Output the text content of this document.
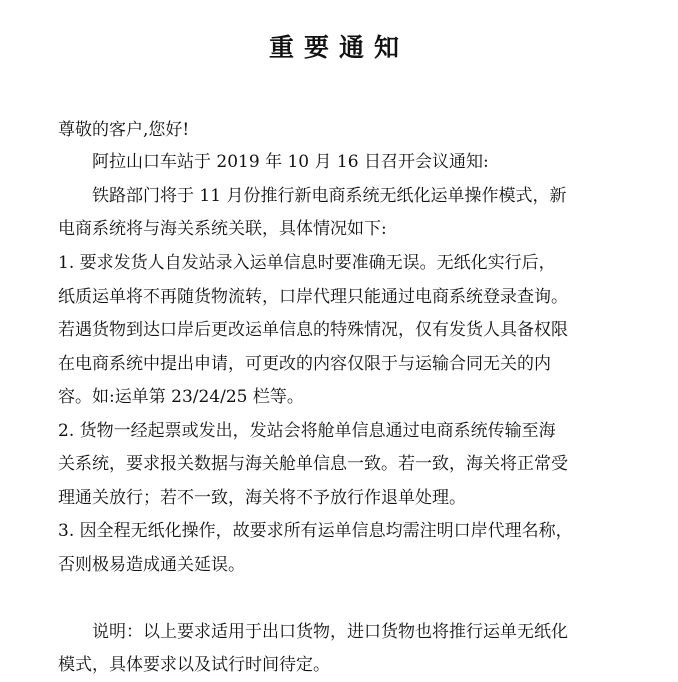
重要通知
尊敬的客户,您好!
阿拉山口车站于 2019 年 10 月 16 日召开会议通知:
铁路部门将于 11 月份推行新电商系统无纸化运单操作模式，新
电商系统将与海关系统关联，具体情况如下:
1. 要求发货人自发站录入运单信息时要准确无误。无纸化实行后，
纸质运单将不再随货物流转，口岸代理只能通过电商系统登录查询。
若遇货物到达口岸后更改运单信息的特殊情况，仅有发货人具备权限
在电商系统中提出申请，可更改的内容仅限于与运输合同无关的内
容。如:运单第 23/24/25 栏等。
2. 货物一经起票或发出，发站会将舱单信息通过电商系统传输至海
关系统，要求报关数据与海关舱单信息一致。若一致，海关将正常受
理通关放行；若不一致，海关将不予放行作退单处理。
3. 因全程无纸化操作，故要求所有运单信息均需注明口岸代理名称，
否则极易造成通关延误。
说明：以上要求适用于出口货物，进口货物也将推行运单无纸化
模式，具体要求以及试行时间待定。
